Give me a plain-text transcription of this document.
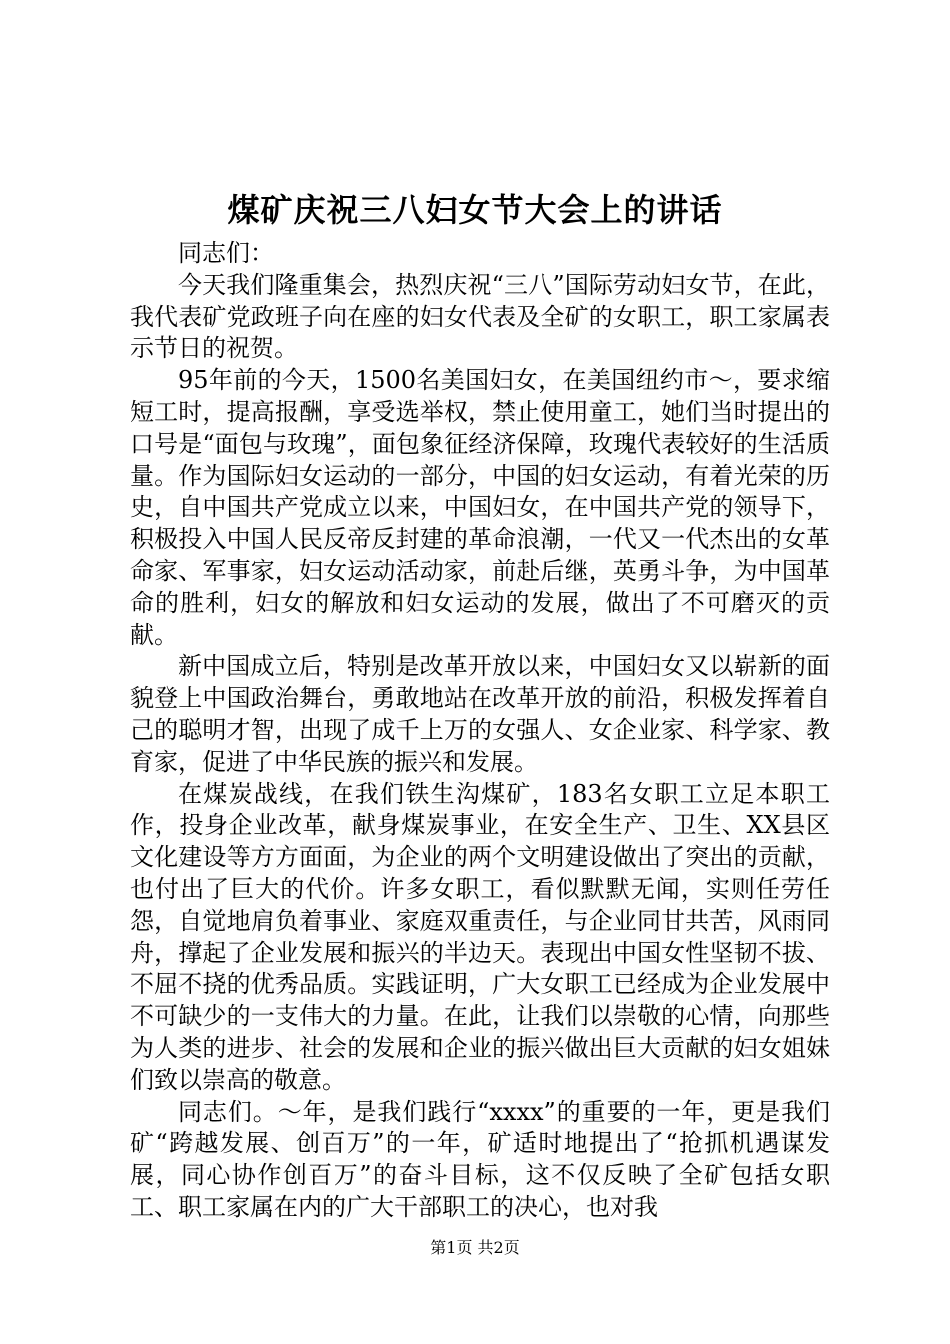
煤矿庆祝三八妇女节大会上的讲话

同志们：

今天我们隆重集会，热烈庆祝“三八”国际劳动妇女节，在此，我代表矿党政班子向在座的妇女代表及全矿的女职工，职工家属表示节日的祝贺。

95年前的今天，1500名美国妇女，在美国纽约市～，要求缩短工时，提高报酬，享受选举权，禁止使用童工，她们当时提出的口号是“面包与玫瑰”，面包象征经济保障，玫瑰代表较好的生活质量。作为国际妇女运动的一部分，中国的妇女运动，有着光荣的历史，自中国共产党成立以来，中国妇女，在中国共产党的领导下，积极投入中国人民反帝反封建的革命浪潮，一代又一代杰出的女革命家、军事家，妇女运动活动家，前赴后继，英勇斗争，为中国革命的胜利，妇女的解放和妇女运动的发展，做出了不可磨灭的贡献。

新中国成立后，特别是改革开放以来，中国妇女又以崭新的面貌登上中国政治舞台，勇敢地站在改革开放的前沿，积极发挥着自己的聪明才智，出现了成千上万的女强人、女企业家、科学家、教育家，促进了中华民族的振兴和发展。

在煤炭战线，在我们铁生沟煤矿，183名女职工立足本职工作，投身企业改革，献身煤炭事业，在安全生产、卫生、XX县区文化建设等方方面面，为企业的两个文明建设做出了突出的贡献，也付出了巨大的代价。许多女职工，看似默默无闻，实则任劳任怨，自觉地肩负着事业、家庭双重责任，与企业同甘共苦，风雨同舟，撑起了企业发展和振兴的半边天。表现出中国女性坚韧不拔、不屈不挠的优秀品质。实践证明，广大女职工已经成为企业发展中不可缺少的一支伟大的力量。在此，让我们以崇敬的心情，向那些为人类的进步、社会的发展和企业的振兴做出巨大贡献的妇女姐妹们致以崇高的敬意。

同志们。～年，是我们践行“xxxx”的重要的一年，更是我们矿“跨越发展、创百万”的一年，矿适时地提出了“抢抓机遇谋发展，同心协作创百万”的奋斗目标，这不仅反映了全矿包括女职工、职工家属在内的广大干部职工的决心，也对我

第1页 共2页
